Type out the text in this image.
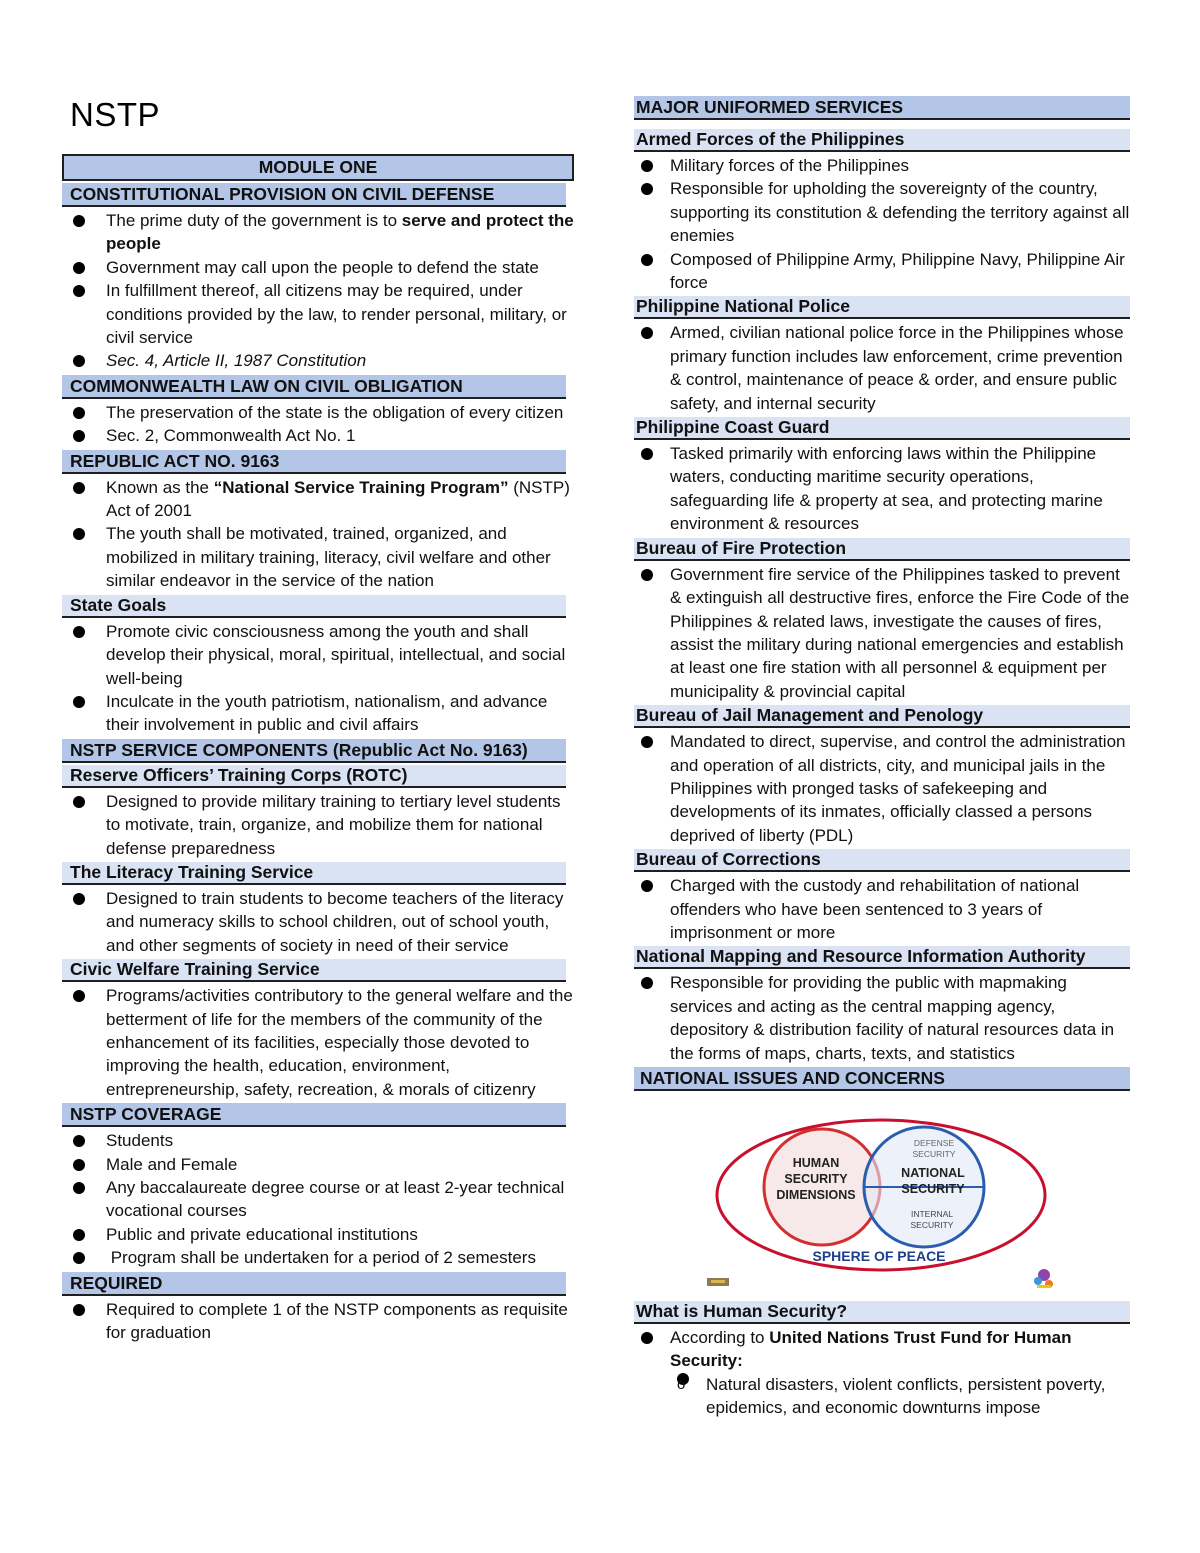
NSTP
MODULE ONE
CONSTITUTIONAL PROVISION ON CIVIL DEFENSE
The prime duty of the government is to serve and protect the people
Government may call upon the people to defend the state
In fulfillment thereof, all citizens may be required, under conditions provided by the law, to render personal, military, or civil service
Sec. 4, Article II, 1987 Constitution
COMMONWEALTH LAW ON CIVIL OBLIGATION
The preservation of the state is the obligation of every citizen
Sec. 2, Commonwealth Act No. 1
REPUBLIC ACT NO. 9163
Known as the “National Service Training Program” (NSTP) Act of 2001
The youth shall be motivated, trained, organized, and mobilized in military training, literacy, civil welfare and other similar endeavor in the service of the nation
State Goals
Promote civic consciousness among the youth and shall develop their physical, moral, spiritual, intellectual, and social well-being
Inculcate in the youth patriotism, nationalism, and advance their involvement in public and civil affairs
NSTP SERVICE COMPONENTS (Republic Act No. 9163)
Reserve Officers’ Training Corps (ROTC)
Designed to provide military training to tertiary level students to motivate, train, organize, and mobilize them for national defense preparedness
The Literacy Training Service
Designed to train students to become teachers of the literacy and numeracy skills to school children, out of school youth, and other segments of society in need of their service
Civic Welfare Training Service
Programs/activities contributory to the general welfare and the betterment of life for the members of the community of the enhancement of its facilities, especially those devoted to improving the health, education, environment, entrepreneurship, safety, recreation, & morals of citizenry
NSTP COVERAGE
Students
Male and Female
Any baccalaureate degree course or at least 2-year technical vocational courses
Public and private educational institutions
Program shall be undertaken for a period of 2 semesters
REQUIRED
Required to complete 1 of the NSTP components as requisite for graduation
MAJOR UNIFORMED SERVICES
Armed Forces of the Philippines
Military forces of the Philippines
Responsible for upholding the sovereignty of the country, supporting its constitution & defending the territory against all enemies
Composed of Philippine Army, Philippine Navy, Philippine Air force
Philippine National Police
Armed, civilian national police force in the Philippines whose primary function includes law enforcement, crime prevention & control, maintenance of peace & order, and ensure public safety, and internal security
Philippine Coast Guard
Tasked primarily with enforcing laws within the Philippine waters, conducting maritime security operations, safeguarding life & property at sea, and protecting marine environment & resources
Bureau of Fire Protection
Government fire service of the Philippines tasked to prevent & extinguish all destructive fires, enforce the Fire Code of the Philippines & related laws, investigate the causes of fires, assist the military during national emergencies and establish at least one fire station with all personnel & equipment per municipality & provincial capital
Bureau of Jail Management and Penology
Mandated to direct, supervise, and control the administration and operation of all districts, city, and municipal jails in the Philippines with pronged tasks of safekeeping and developments of its inmates, officially classed a persons deprived of liberty (PDL)
Bureau of Corrections
Charged with the custody and rehabilitation of national offenders who have been sentenced to 3 years of imprisonment or more
National Mapping and Resource Information Authority
Responsible for providing the public with mapmaking services and acting as the central mapping agency, depository & distribution facility of natural resources data in the forms of maps, charts, texts, and statistics
NATIONAL ISSUES AND CONCERNS
HUMAN
SECURITY
DIMENSIONS
DEFENSE
SECURITY
NATIONAL
SECURITY
INTERNAL
SECURITY
SPHERE OF PEACE
What is Human Security?
According to United Nations Trust Fund for Human Security:
o Natural disasters, violent conflicts, persistent poverty, epidemics, and economic downturns impose
